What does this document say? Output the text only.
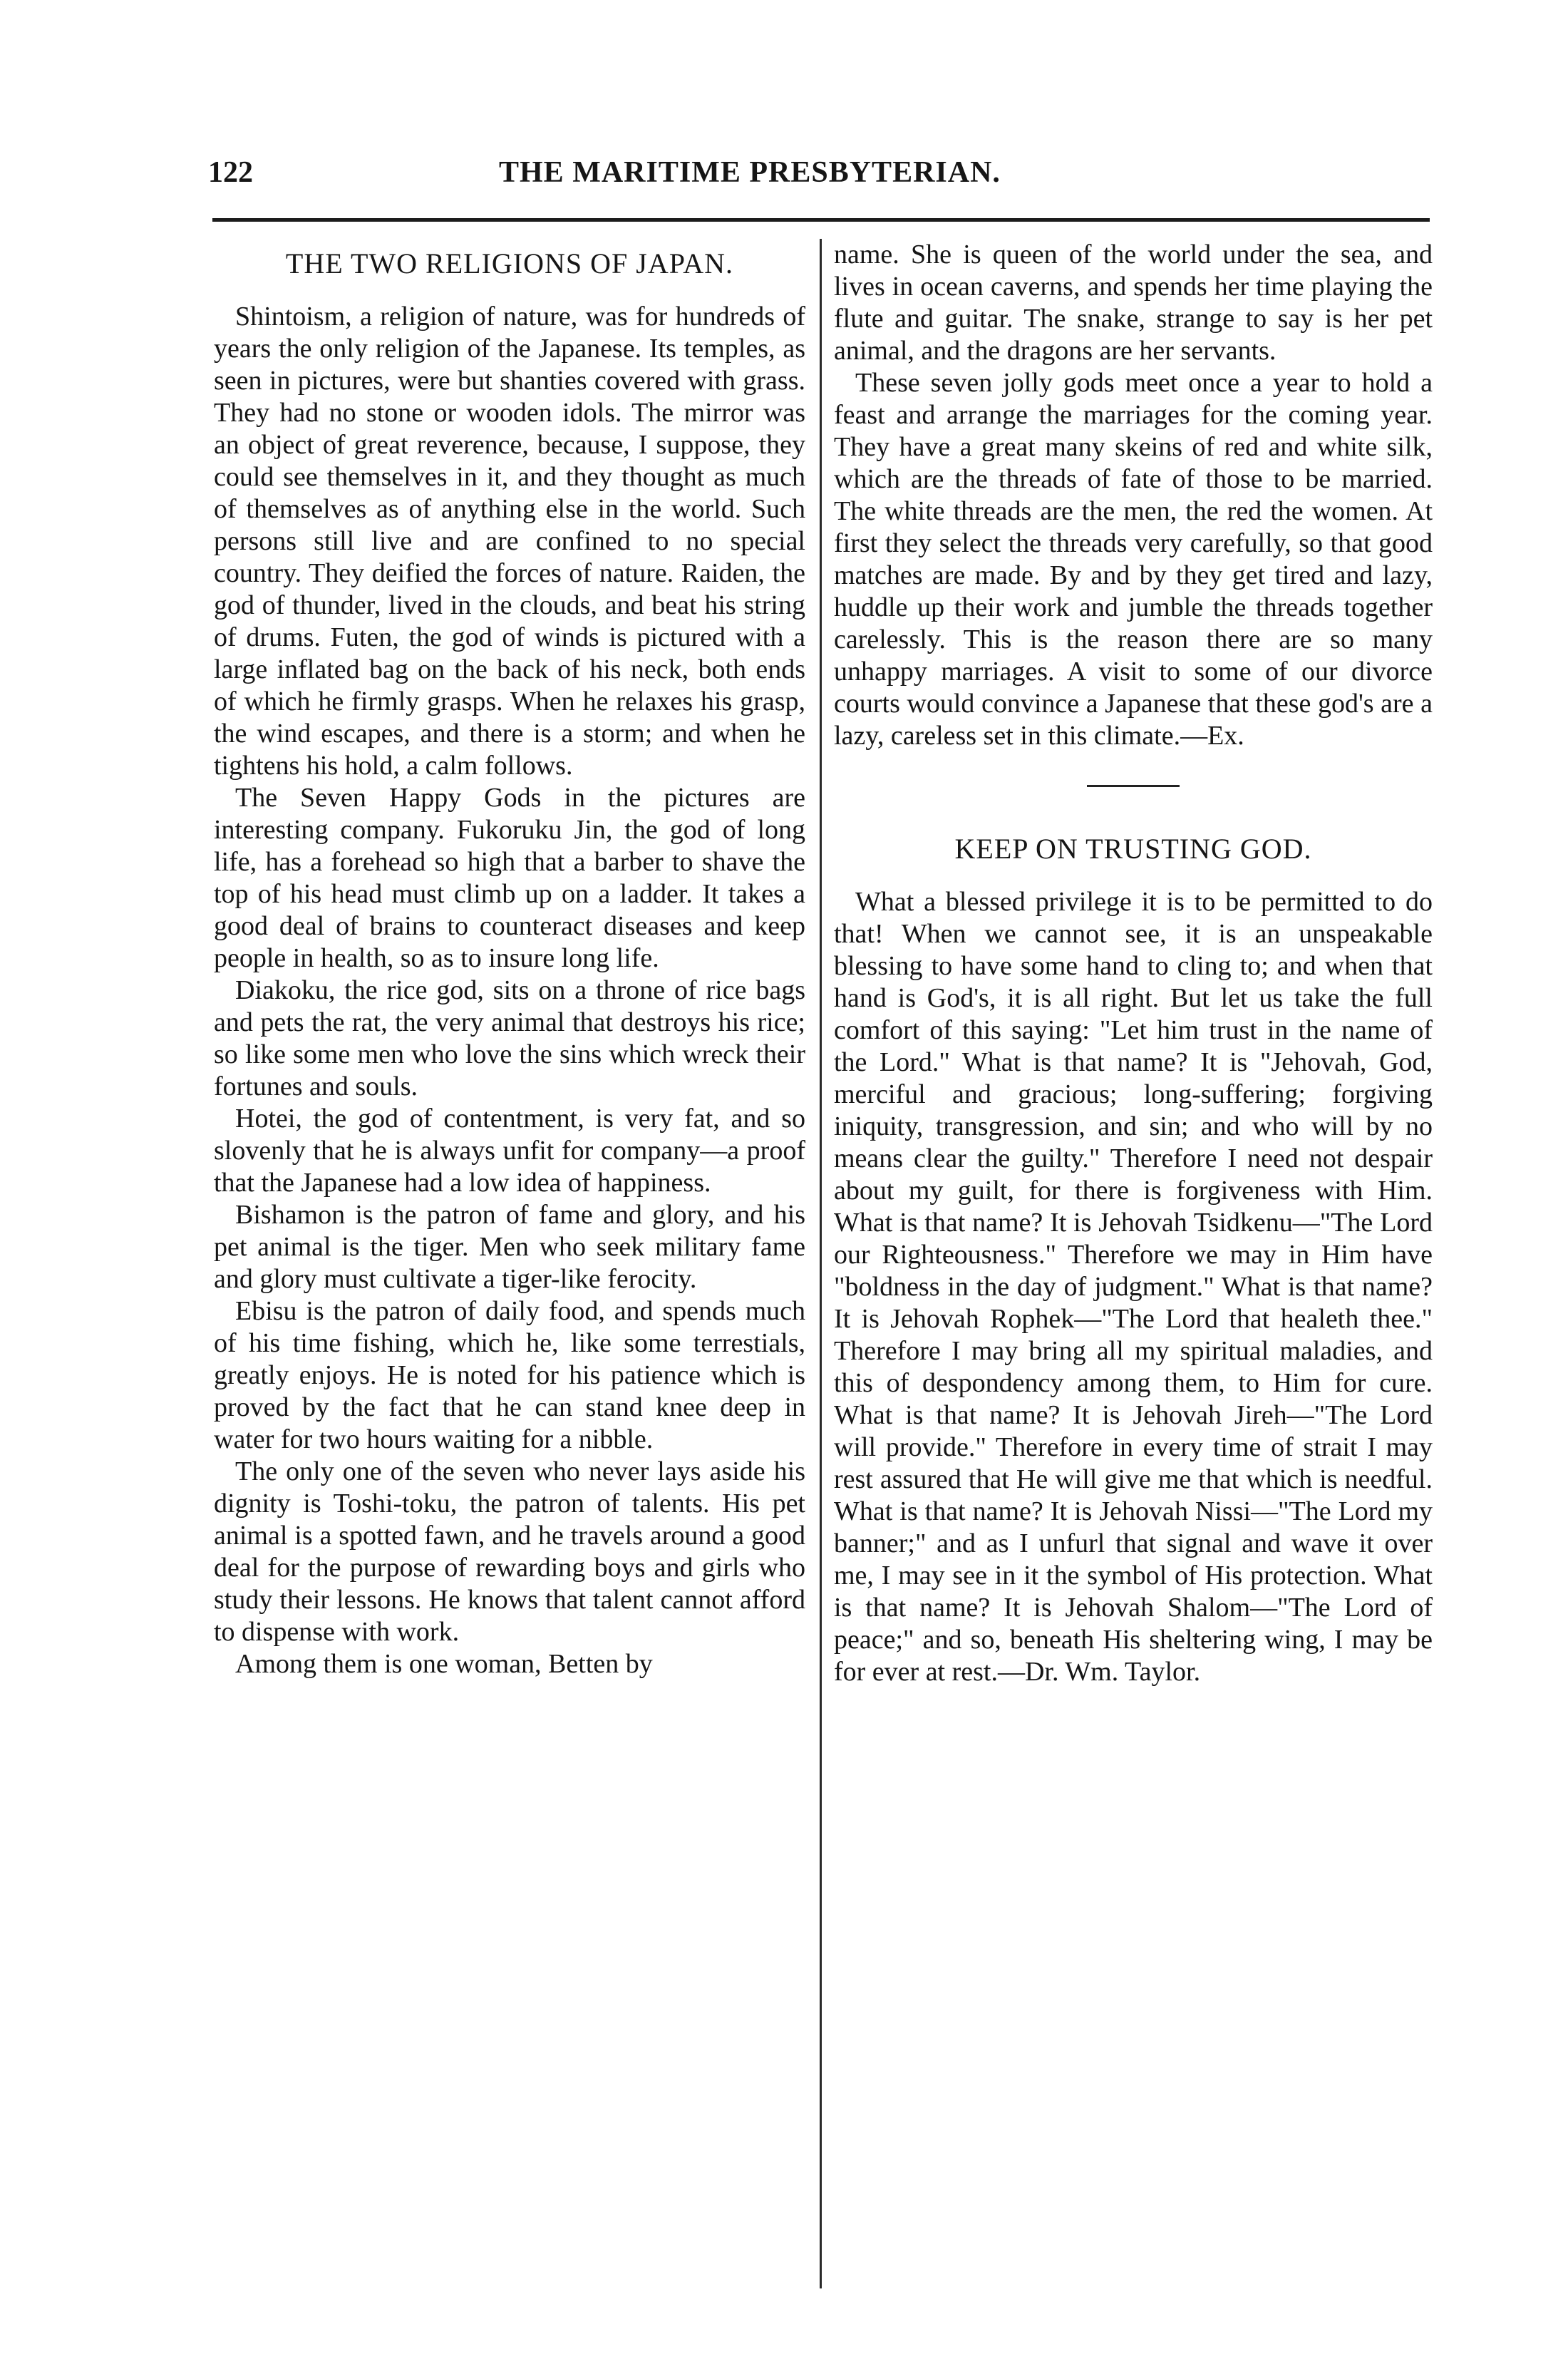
122	THE MARITIME PRESBYTERIAN.
THE TWO RELIGIONS OF JAPAN.

Shintoism, a religion of nature, was for hundreds of years the only religion of the Japanese. Its temples, as seen in pictures, were but shanties covered with grass. They had no stone or wooden idols. The mirror was an object of great reverence, because, I suppose, they could see themselves in it, and they thought as much of themselves as of anything else in the world. Such persons still live and are confined to no special country. They deified the forces of nature. Raiden, the god of thunder, lived in the clouds, and beat his string of drums. Futen, the god of winds is pictured with a large inflated bag on the back of his neck, both ends of which he firmly grasps. When he relaxes his grasp, the wind escapes, and there is a storm; and when he tightens his hold, a calm follows.

The Seven Happy Gods in the pictures are interesting company. Fukoruku Jin, the god of long life, has a forehead so high that a barber to shave the top of his head must climb up on a ladder. It takes a good deal of brains to counteract diseases and keep people in health, so as to insure long life.

Diakoku, the rice god, sits on a throne of rice bags and pets the rat, the very animal that destroys his rice; so like some men who love the sins which wreck their fortunes and souls.

Hotei, the god of contentment, is very fat, and so slovenly that he is always unfit for company—a proof that the Japanese had a low idea of happiness.

Bishamon is the patron of fame and glory, and his pet animal is the tiger. Men who seek military fame and glory must cultivate a tiger-like ferocity.

Ebisu is the patron of daily food, and spends much of his time fishing, which he, like some terrestials, greatly enjoys. He is noted for his patience which is proved by the fact that he can stand knee deep in water for two hours waiting for a nibble.

The only one of the seven who never lays aside his dignity is Toshi-toku, the patron of talents. His pet animal is a spotted fawn, and he travels around a good deal for the purpose of rewarding boys and girls who study their lessons. He knows that talent cannot afford to dispense with work.

Among them is one woman, Betten by

name. She is queen of the world under the sea, and lives in ocean caverns, and spends her time playing the flute and guitar. The snake, strange to say is her pet animal, and the dragons are her servants.

These seven jolly gods meet once a year to hold a feast and arrange the marriages for the coming year. They have a great many skeins of red and white silk, which are the threads of fate of those to be married. The white threads are the men, the red the women. At first they select the threads very carefully, so that good matches are made. By and by they get tired and lazy, huddle up their work and jumble the threads together carelessly. This is the reason there are so many unhappy marriages. A visit to some of our divorce courts would convince a Japanese that these god's are a lazy, careless set in this climate.—Ex.

KEEP ON TRUSTING GOD.

What a blessed privilege it is to be permitted to do that! When we cannot see, it is an unspeakable blessing to have some hand to cling to; and when that hand is God's, it is all right. But let us take the full comfort of this saying: "Let him trust in the name of the Lord." What is that name? It is "Jehovah, God, merciful and gracious; long-suffering; forgiving iniquity, transgression, and sin; and who will by no means clear the guilty." Therefore I need not despair about my guilt, for there is forgiveness with Him. What is that name? It is Jehovah Tsidkenu—"The Lord our Righteousness." Therefore we may in Him have "boldness in the day of judgment." What is that name? It is Jehovah Rophek—"The Lord that healeth thee." Therefore I may bring all my spiritual maladies, and this of despondency among them, to Him for cure. What is that name? It is Jehovah Jireh—"The Lord will provide." Therefore in every time of strait I may rest assured that He will give me that which is needful. What is that name? It is Jehovah Nissi—"The Lord my banner;" and as I unfurl that signal and wave it over me, I may see in it the symbol of His protection. What is that name? It is Jehovah Shalom—"The Lord of peace;" and so, beneath His sheltering wing, I may be for ever at rest.—Dr. Wm. Taylor.
